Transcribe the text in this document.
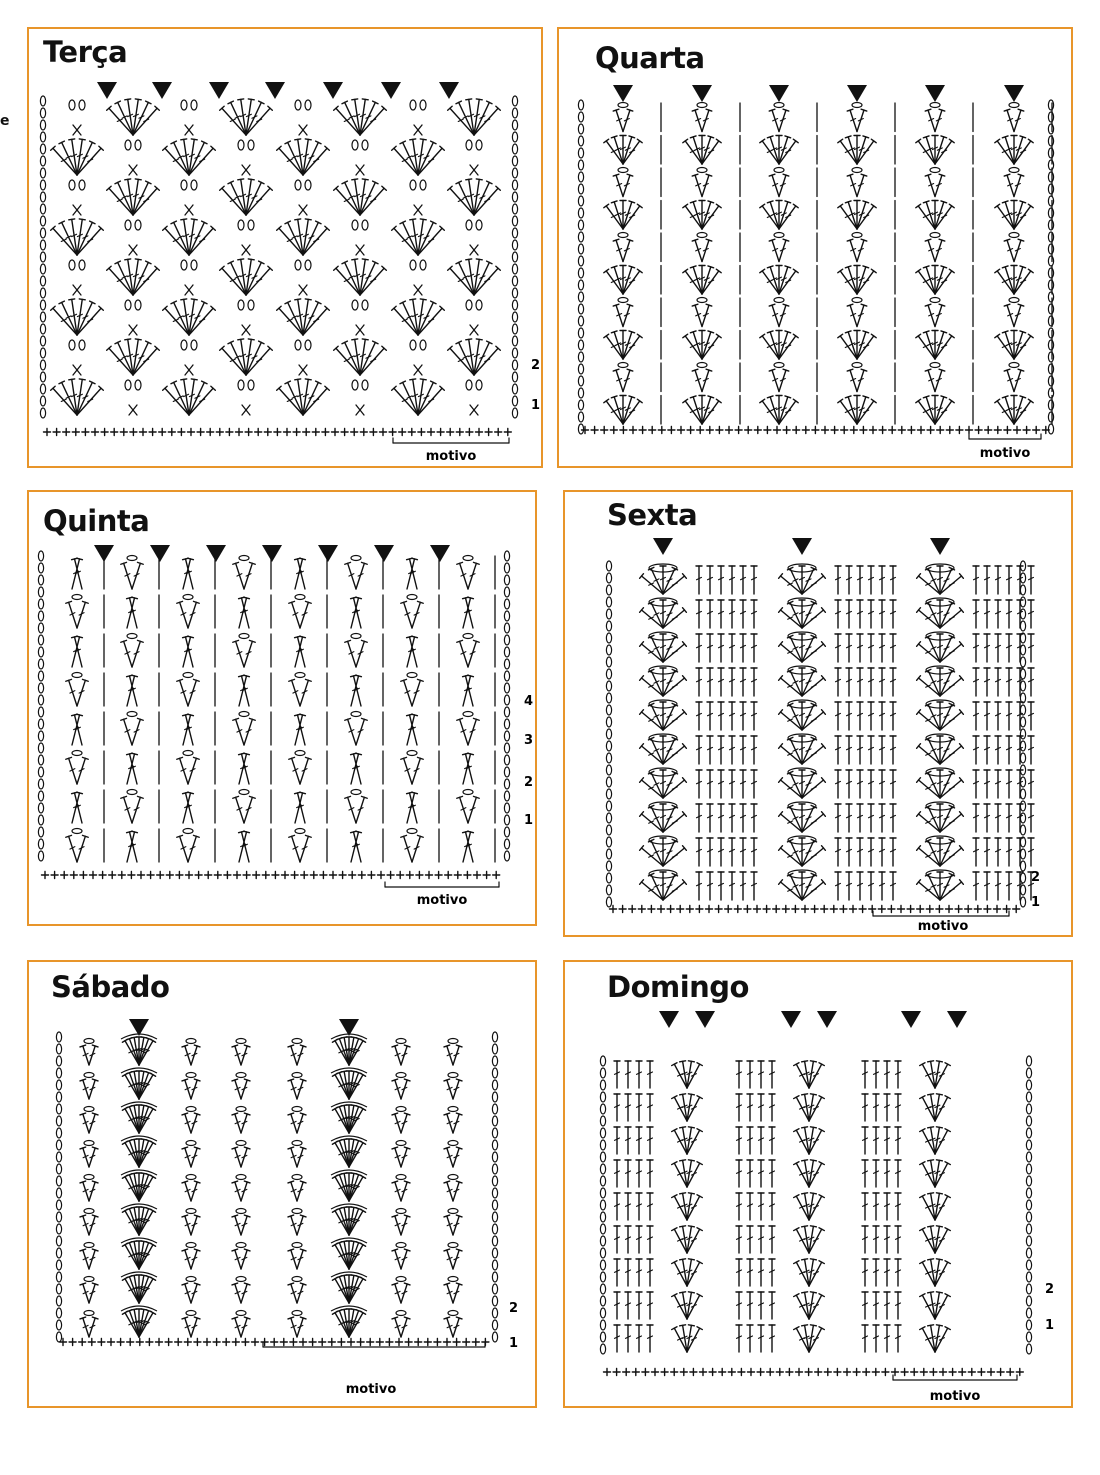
e
Terça
2
1
motivo
Quarta
motivo
Quinta
4
3
2
1
motivo
Sexta
2
1
motivo
Sábado
2
1
motivo
Domingo
2
1
motivo
